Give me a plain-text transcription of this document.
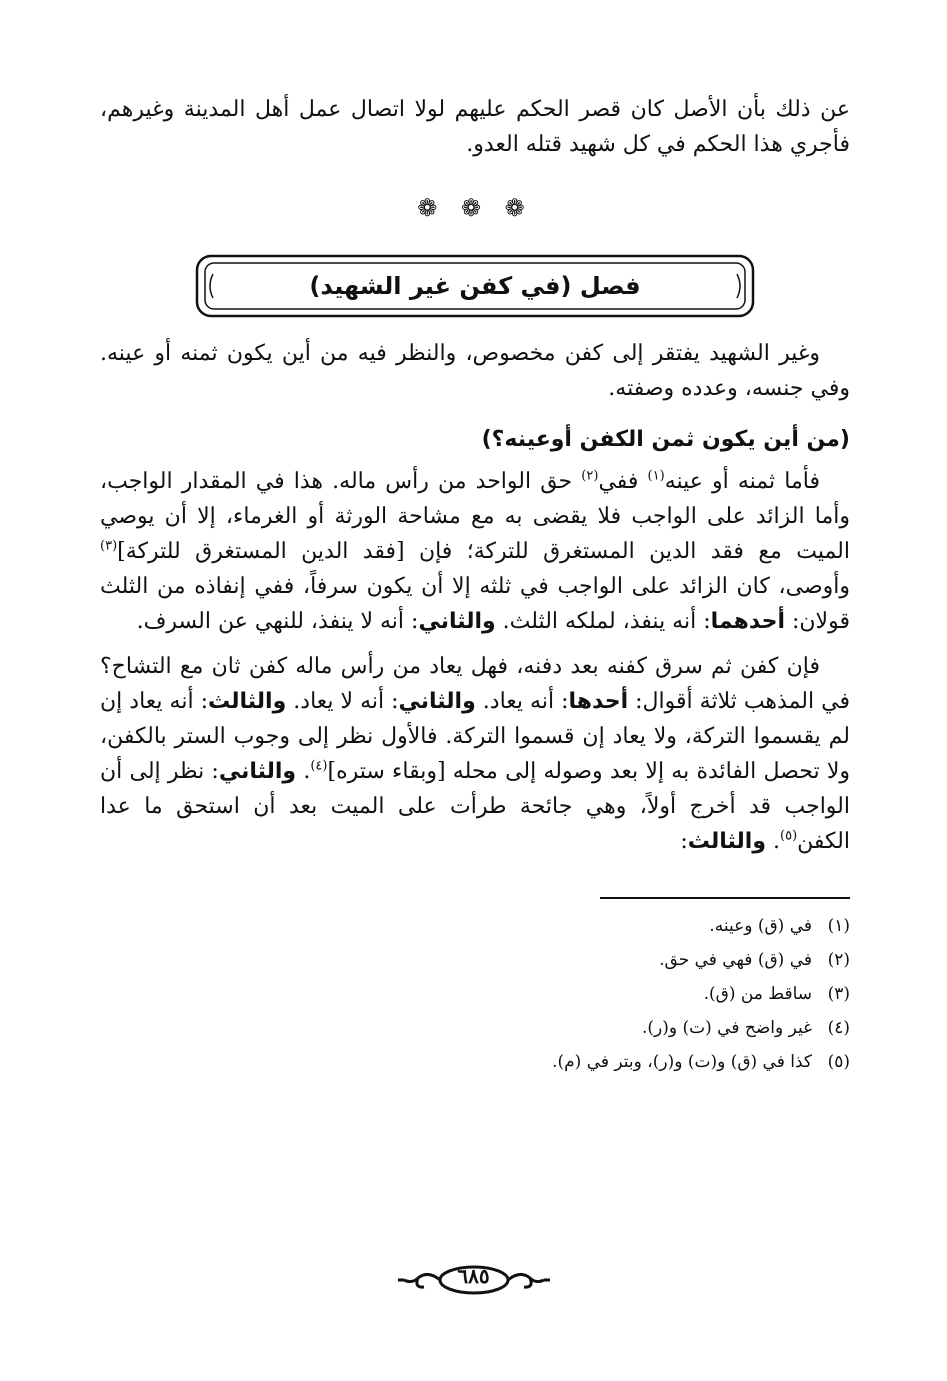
عن ذلك بأن الأصل كان قصر الحكم عليهم لولا اتصال عمل أهل المدينة وغيرهم، فأجري هذا الحكم في كل شهيد قتله العدو.

❁ ❁ ❁
فصل (في كفن غير الشهيد)

وغير الشهيد يفتقر إلى كفن مخصوص، والنظر فيه من أين يكون ثمنه أو عينه. وفي جنسه، وعدده وصفته.

(من أين يكون ثمن الكفن أوعينه؟)

فأما ثمنه أو عينه$^{(١)}$ ففي$^{(٢)}$ حق الواحد من رأس ماله. هذا في المقدار الواجب، وأما الزائد على الواجب فلا يقضى به مع مشاحة الورثة أو الغرماء، إلا أن يوصي الميت مع فقد الدين المستغرق للتركة؛ فإن [فقد الدين المستغرق للتركة]$^{(٣)}$ وأوصى، كان الزائد على الواجب في ثلثه إلا أن يكون سرفاً، ففي إنفاذه من الثلث قولان: أحدهما: أنه ينفذ، لملكه الثلث. والثاني: أنه لا ينفذ، للنهي عن السرف.

فإن كفن ثم سرق كفنه بعد دفنه، فهل يعاد من رأس ماله كفن ثان مع التشاح؟ في المذهب ثلاثة أقوال: أحدها: أنه يعاد. والثاني: أنه لا يعاد. والثالث: أنه يعاد إن لم يقسموا التركة، ولا يعاد إن قسموا التركة. فالأول نظر إلى وجوب الستر بالكفن، ولا تحصل الفائدة به إلا بعد وصوله إلى محله [وبقاء ستره]$^{(٤)}$. والثاني: نظر إلى أن الواجب قد أخرج أولاً، وهي جائحة طرأت على الميت بعد أن استحق ما عدا الكفن$^{(٥)}$. والثالث:

(١)في (ق) وعينه.
(٢)في (ق) فهي في حق.
(٣)ساقط من (ق).
(٤)غير واضح في (ت) و(ر).
(٥)كذا في (ق) و(ت) و(ر)، وبتر في (م).
٦٨٥
